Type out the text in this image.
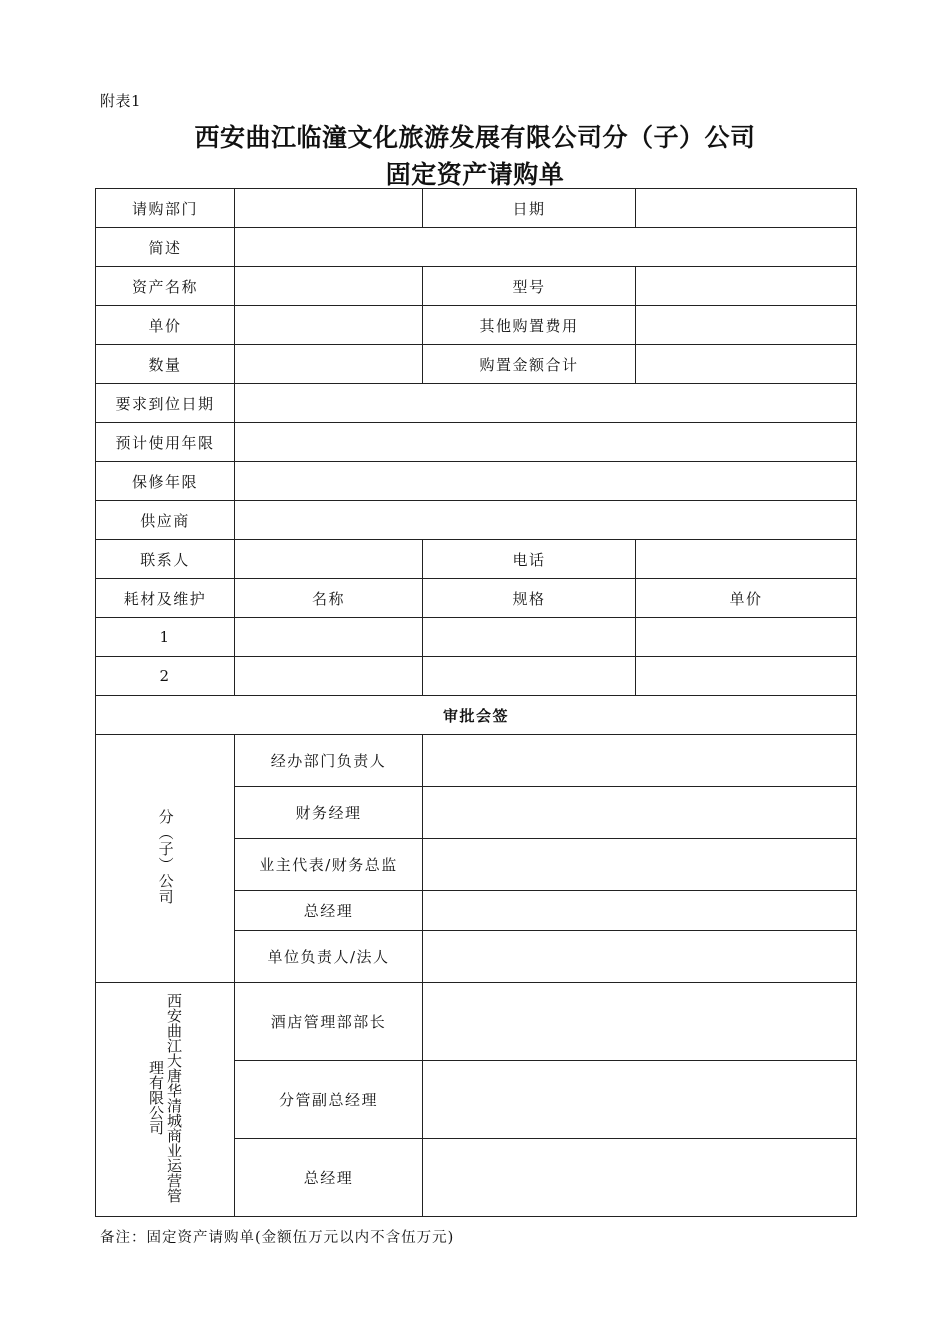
附表1
西安曲江临潼文化旅游发展有限公司分（子）公司
固定资产请购单
请购部门		日期	
简述			
资产名称		型号	
单价		其他购置费用	
数量		购置金额合计	
要求到位日期			
预计使用年限			
保修年限			
供应商			
联系人		电话	
耗材及维护	名称	规格	单价
1			
2			
审批会签			
分（子）公司	经办部门负责人		
	财务经理		
	业主代表/财务总监		
	总经理		
	单位负责人/法人		
西安曲江大唐华清城商业运营管理有限公司	酒店管理部部长		
	分管副总经理		
	总经理		
备注：固定资产请购单(金额伍万元以内不含伍万元)
